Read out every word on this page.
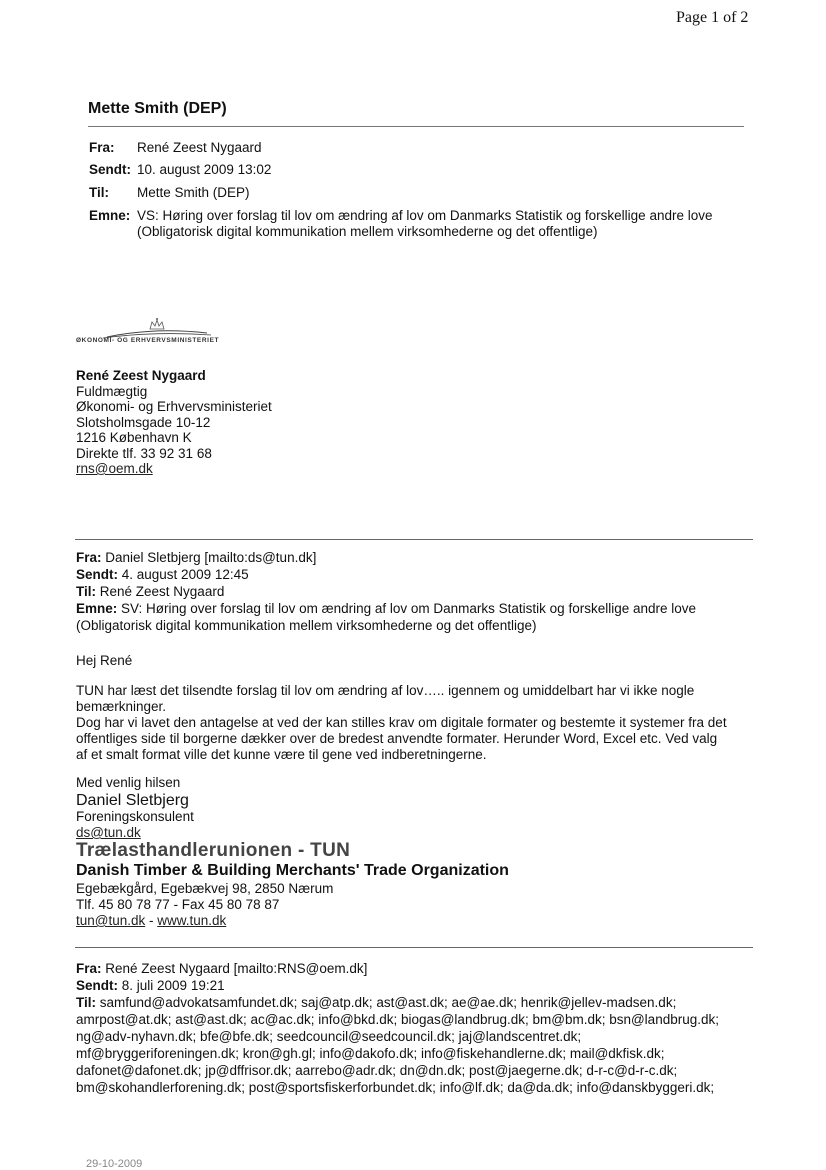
Page 1 of 2
Mette Smith (DEP)
Fra: René Zeest Nygaard
Sendt: 10. august 2009 13:02
Til: Mette Smith (DEP)
Emne: VS: Høring over forslag til lov om ændring af lov om Danmarks Statistik og forskellige andre love
(Obligatorisk digital kommunikation mellem virksomhederne og det offentlige)
ØKONOMI- OG ERHVERVSMINISTERIET
René Zeest Nygaard
Fuldmægtig
Økonomi- og Erhvervsministeriet
Slotsholmsgade 10-12
1216 København K
Direkte tlf. 33 92 31 68
rns@oem.dk
Fra: Daniel Sletbjerg [mailto:ds@tun.dk]
Sendt: 4. august 2009 12:45
Til: René Zeest Nygaard
Emne: SV: Høring over forslag til lov om ændring af lov om Danmarks Statistik og forskellige andre love
(Obligatorisk digital kommunikation mellem virksomhederne og det offentlige)
Hej René
TUN har læst det tilsendte forslag til lov om ændring af lov….. igennem og umiddelbart har vi ikke nogle
bemærkninger.
Dog har vi lavet den antagelse at ved der kan stilles krav om digitale formater og bestemte it systemer fra det
offentliges side til borgerne dækker over de bredest anvendte formater. Herunder Word, Excel etc. Ved valg
af et smalt format ville det kunne være til gene ved indberetningerne.
Med venlig hilsen
Daniel Sletbjerg
Foreningskonsulent
ds@tun.dk
Trælasthandlerunionen - TUN
Danish Timber & Building Merchants' Trade Organization
Egebækgård, Egebækvej 98, 2850 Nærum
Tlf. 45 80 78 77 - Fax 45 80 78 87
tun@tun.dk - www.tun.dk
Fra: René Zeest Nygaard [mailto:RNS@oem.dk]
Sendt: 8. juli 2009 19:21
Til: samfund@advokatsamfundet.dk; saj@atp.dk; ast@ast.dk; ae@ae.dk; henrik@jellev-madsen.dk;
amrpost@at.dk; ast@ast.dk; ac@ac.dk; info@bkd.dk; biogas@landbrug.dk; bm@bm.dk; bsn@landbrug.dk;
ng@adv-nyhavn.dk; bfe@bfe.dk; seedcouncil@seedcouncil.dk; jaj@landscentret.dk;
mf@bryggeriforeningen.dk; kron@gh.gl; info@dakofo.dk; info@fiskehandlerne.dk; mail@dkfisk.dk;
dafonet@dafonet.dk; jp@dffrisor.dk; aarrebo@adr.dk; dn@dn.dk; post@jaegerne.dk; d-r-c@d-r-c.dk;
bm@skohandlerforening.dk; post@sportsfiskerforbundet.dk; info@lf.dk; da@da.dk; info@danskbyggeri.dk;
29-10-2009
